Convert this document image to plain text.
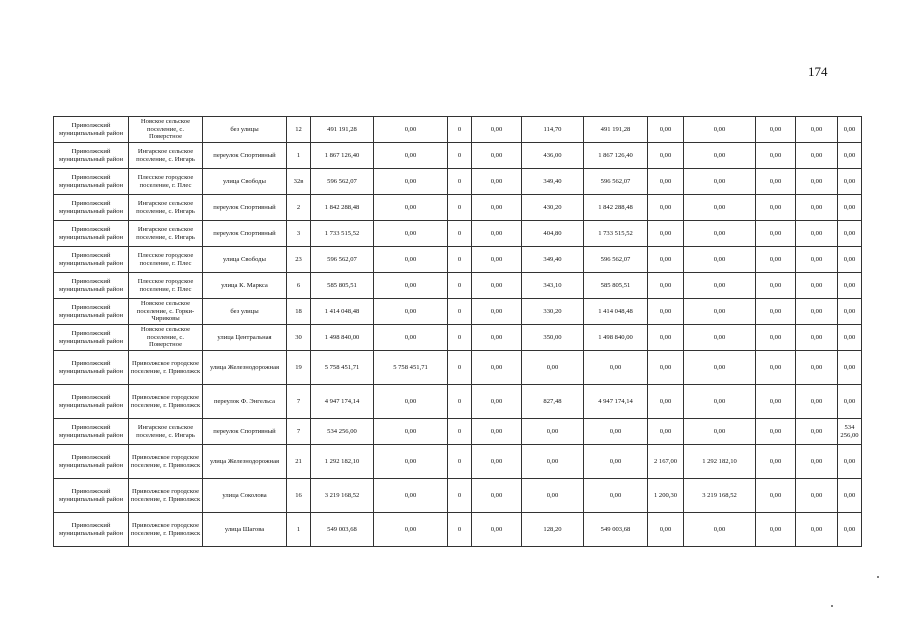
174
Приволжский муниципальный район	Новское сельское поселение, с. Поверстное	без улицы	12	491 191,28	0,00	0	0,00	114,70	491 191,28	0,00	0,00	0,00	0,00	0,00
Приволжский муниципальный район	Ингарское сельское поселение, с. Ингарь	переулок Спортивный	1	1 867 126,40	0,00	0	0,00	436,00	1 867 126,40	0,00	0,00	0,00	0,00	0,00
Приволжский муниципальный район	Плесское городское поселение, г. Плес	улица Свободы	32в	596 562,07	0,00	0	0,00	349,40	596 562,07	0,00	0,00	0,00	0,00	0,00
Приволжский муниципальный район	Ингарское сельское поселение, с. Ингарь	переулок Спортивный	2	1 842 288,48	0,00	0	0,00	430,20	1 842 288,48	0,00	0,00	0,00	0,00	0,00
Приволжский муниципальный район	Ингарское сельское поселение, с. Ингарь	переулок Спортивный	3	1 733 515,52	0,00	0	0,00	404,80	1 733 515,52	0,00	0,00	0,00	0,00	0,00
Приволжский муниципальный район	Плесское городское поселение, г. Плес	улица Свободы	23	596 562,07	0,00	0	0,00	349,40	596 562,07	0,00	0,00	0,00	0,00	0,00
Приволжский муниципальный район	Плесское городское поселение, г. Плес	улица К. Маркса	6	585 805,51	0,00	0	0,00	343,10	585 805,51	0,00	0,00	0,00	0,00	0,00
Приволжский муниципальный район	Новское сельское поселение, с. Горки-Чириковы	без улицы	18	1 414 048,48	0,00	0	0,00	330,20	1 414 048,48	0,00	0,00	0,00	0,00	0,00
Приволжский муниципальный район	Новское сельское поселение, с. Поверстное	улица Центральная	30	1 498 840,00	0,00	0	0,00	350,00	1 498 840,00	0,00	0,00	0,00	0,00	0,00
Приволжский муниципальный район	Приволжское городское поселение, г. Приволжск	улица Железнодорожная	19	5 758 451,71	5 758 451,71	0	0,00	0,00	0,00	0,00	0,00	0,00	0,00	0,00
Приволжский муниципальный район	Приволжское городское поселение, г. Приволжск	переулок Ф. Энгельса	7	4 947 174,14	0,00	0	0,00	827,48	4 947 174,14	0,00	0,00	0,00	0,00	0,00
Приволжский муниципальный район	Ингарское сельское поселение, с. Ингарь	переулок Спортивный	7	534 256,00	0,00	0	0,00	0,00	0,00	0,00	0,00	0,00	0,00	534 256,00
Приволжский муниципальный район	Приволжское городское поселение, г. Приволжск	улица Железнодорожная	21	1 292 182,10	0,00	0	0,00	0,00	0,00	2 167,00	1 292 182,10	0,00	0,00	0,00
Приволжский муниципальный район	Приволжское городское поселение, г. Приволжск	улица Соколова	16	3 219 168,52	0,00	0	0,00	0,00	0,00	1 200,30	3 219 168,52	0,00	0,00	0,00
Приволжский муниципальный район	Приволжское городское поселение, г. Приволжск	улица Шагова	1	549 003,68	0,00	0	0,00	128,20	549 003,68	0,00	0,00	0,00	0,00	0,00
